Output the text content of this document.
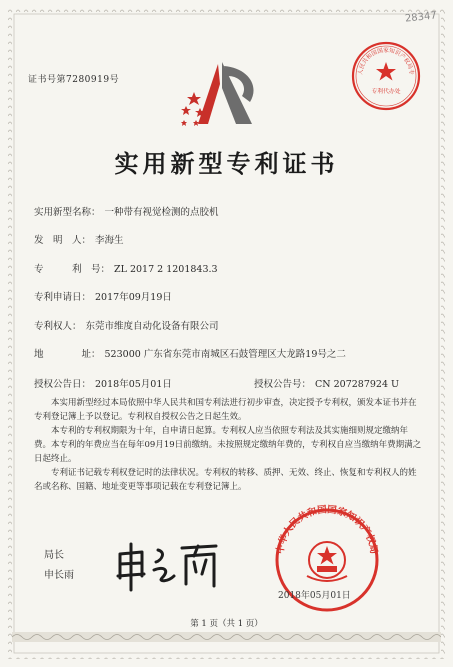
28347
证书号第7280919号
人民共和国国家知识产权局专
专利代办处
实用新型专利证书
实用新型名称： 一种带有视觉检测的点胶机
发　明　人： 李海生
专　　　利　号： ZL 2017 2 1201843.3
专利申请日： 2017年09月19日
专利权人： 东莞市维度自动化设备有限公司
地　　　　址： 523000 广东省东莞市南城区石鼓管理区大龙路19号之二
授权公告日： 2018年05月01日	授权公告号： CN 207287924 U
本实用新型经过本局依照中华人民共和国专利法进行初步审查，决定授予专利权，颁发本证书并在专利登记簿上予以登记。专利权自授权公告之日起生效。
本专利的专利权期限为十年，自申请日起算。专利权人应当依照专利法及其实施细则规定缴纳年费。本专利的年费应当在每年09月19日前缴纳。未按照规定缴纳年费的，专利权自应当缴纳年费期满之日起终止。
专利证书记载专利权登记时的法律状况。专利权的转移、质押、无效、终止、恢复和专利权人的姓名或名称、国籍、地址变更等事项记载在专利登记簿上。
局长
申长雨
中华人民共和国国家知识产权局
2018年05月01日
第 1 页（共 1 页）
